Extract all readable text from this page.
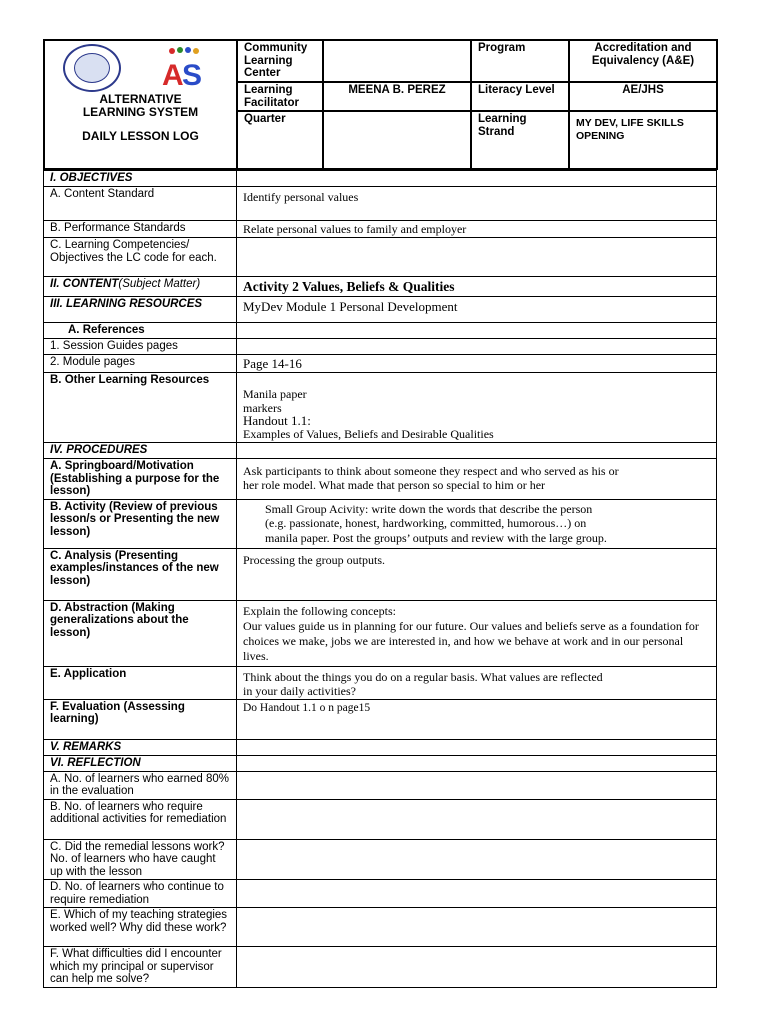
A
S
ALTERNATIVE
LEARNING SYSTEM
DAILY LESSON LOG	Community Learning Center		Program	Accreditation and Equivalency (A&E)
	Learning Facilitator	MEENA B. PEREZ	Literacy Level	AE/JHS
	Quarter		Learning Strand	MY DEV, LIFE SKILLS
OPENING
I. OBJECTIVES	
A. Content Standard	Identify personal values
B. Performance Standards	Relate personal values to family and employer
C. Learning Competencies/ Objectives the LC code for each.	
II. CONTENT(Subject Matter)	Activity 2 Values, Beliefs & Qualities
III. LEARNING RESOURCES	MyDev Module 1 Personal Development
A. References	
1. Session Guides pages	
2. Module pages	Page 14-16
B. Other Learning Resources	Manila paper
markers
Handout 1.1:
Examples of Values, Beliefs and Desirable Qualities

IV. PROCEDURES	
A. Springboard/Motivation (Establishing a purpose for the lesson)	Ask participants to think about someone they respect and who served as his or
her role model. What made that person so special to him or her

B. Activity (Review of previous lesson/s or Presenting the new lesson)	Small Group Acivity: write down the words that describe the person
(e.g. passionate, honest, hardworking, committed, humorous…) on
manila paper. Post the groups’ outputs and review with the large group.

C. Analysis (Presenting examples/instances of the new lesson)	Processing the group outputs.
D. Abstraction (Making generalizations about the lesson)	Explain the following concepts:
Our values guide us in planning for our future. Our values and beliefs serve as a foundation for choices we make, jobs we are interested in, and how we behave at work and in our personal lives.

E. Application	Think about the things you do on a regular basis. What values are reflected
in your daily activities?

F. Evaluation (Assessing learning)	Do Handout 1.1 o n page15
V. REMARKS	
VI. REFLECTION	
A. No. of learners who earned 80% in the evaluation	
B. No. of learners who require additional activities for remediation	
C. Did the remedial lessons work? No. of learners who have caught up with the lesson	
D. No. of learners who continue to require remediation	
E. Which of my teaching strategies worked well? Why did these work?	
F. What difficulties did I encounter which my principal or supervisor can help me solve?	
